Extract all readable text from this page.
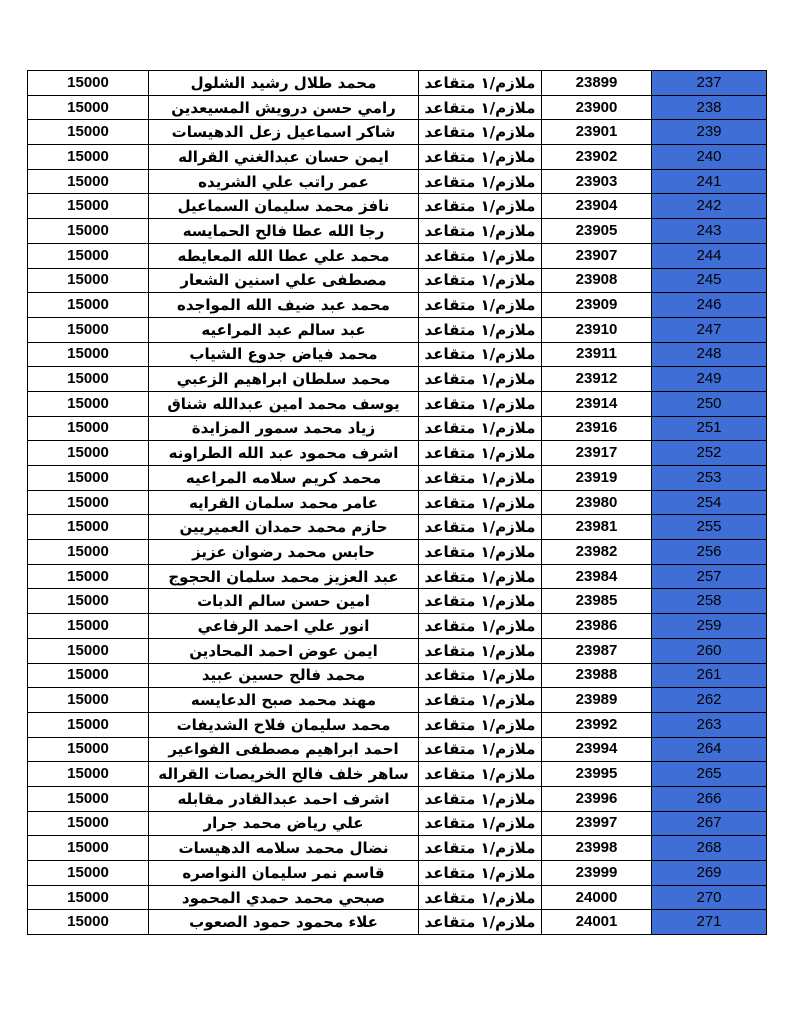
15000	محمد طلال رشيد الشلول	ملازم/١ متقاعد	23899	237
15000	رامي حسن درويش المسيعدين	ملازم/١ متقاعد	23900	238
15000	شاكر اسماعيل زعل الدهيسات	ملازم/١ متقاعد	23901	239
15000	ايمن حسان عبدالغني القراله	ملازم/١ متقاعد	23902	240
15000	عمر راتب علي الشريده	ملازم/١ متقاعد	23903	241
15000	نافز محمد سليمان السماعيل	ملازم/١ متقاعد	23904	242
15000	رجا الله عطا فالح الحمايسه	ملازم/١ متقاعد	23905	243
15000	محمد علي عطا الله المعايطه	ملازم/١ متقاعد	23907	244
15000	مصطفى علي اسنين الشعار	ملازم/١ متقاعد	23908	245
15000	محمد عبد ضيف الله المواجده	ملازم/١ متقاعد	23909	246
15000	عبد سالم عبد المراعيه	ملازم/١ متقاعد	23910	247
15000	محمد فياض جدوع الشياب	ملازم/١ متقاعد	23911	248
15000	محمد سلطان ابراهيم الزعبي	ملازم/١ متقاعد	23912	249
15000	يوسف محمد امين عبدالله شناق	ملازم/١ متقاعد	23914	250
15000	زياد محمد سمور المزايدة	ملازم/١ متقاعد	23916	251
15000	اشرف محمود عبد الله الطراونه	ملازم/١ متقاعد	23917	252
15000	محمد كريم سلامه المراعيه	ملازم/١ متقاعد	23919	253
15000	عامر محمد سلمان القرايه	ملازم/١ متقاعد	23980	254
15000	حازم محمد حمدان العميريين	ملازم/١ متقاعد	23981	255
15000	حابس محمد رضوان عزيز	ملازم/١ متقاعد	23982	256
15000	عبد العزيز محمد سلمان الحجوج	ملازم/١ متقاعد	23984	257
15000	امين حسن سالم الدبات	ملازم/١ متقاعد	23985	258
15000	انور علي احمد الرفاعي	ملازم/١ متقاعد	23986	259
15000	ايمن عوض احمد المحادين	ملازم/١ متقاعد	23987	260
15000	محمد فالح حسين عبيد	ملازم/١ متقاعد	23988	261
15000	مهند محمد صبح الدعايسه	ملازم/١ متقاعد	23989	262
15000	محمد سليمان فلاح الشديفات	ملازم/١ متقاعد	23992	263
15000	احمد ابراهيم مصطفى الفواعير	ملازم/١ متقاعد	23994	264
15000	ساهر خلف فالح الخريصات القراله	ملازم/١ متقاعد	23995	265
15000	اشرف احمد عبدالقادر مقابله	ملازم/١ متقاعد	23996	266
15000	علي رياض محمد جرار	ملازم/١ متقاعد	23997	267
15000	نضال محمد سلامه الدهيسات	ملازم/١ متقاعد	23998	268
15000	قاسم نمر سليمان النواصره	ملازم/١ متقاعد	23999	269
15000	صبحي محمد حمدي المحمود	ملازم/١ متقاعد	24000	270
15000	علاء محمود حمود الصعوب	ملازم/١ متقاعد	24001	271
